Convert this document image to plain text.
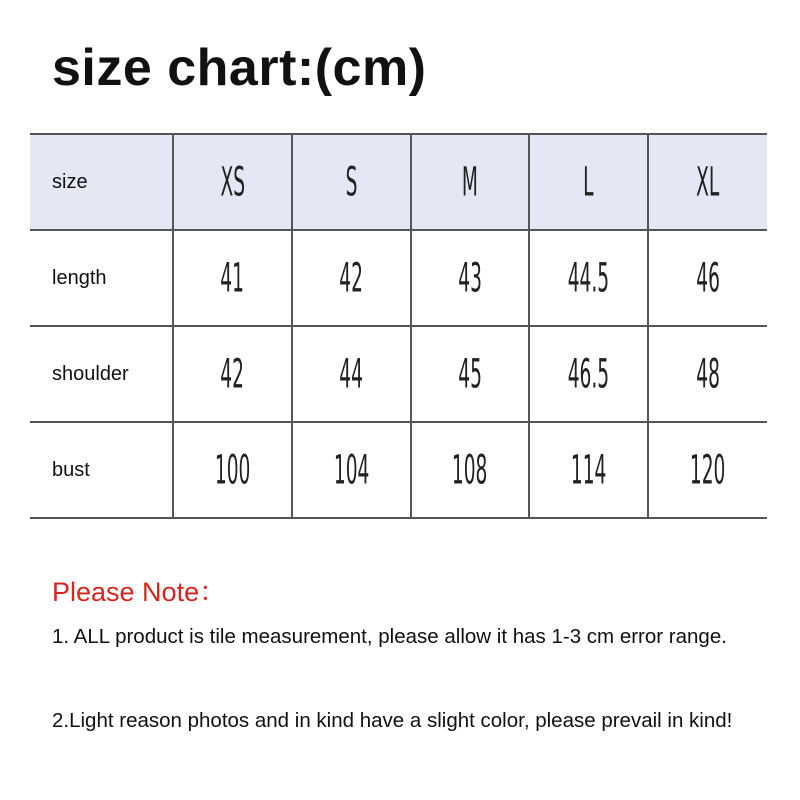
size chart:(cm)
size	XS	S	M	L	XL
length	41	42	43	44.5	46
shoulder	42	44	45	46.5	48
bust	100	104	108	114	120
Please Note：
1. ALL product is tile measurement, please allow it has 1-3 cm error range.
2.Light reason photos and in kind have a slight color, please prevail in kind!
